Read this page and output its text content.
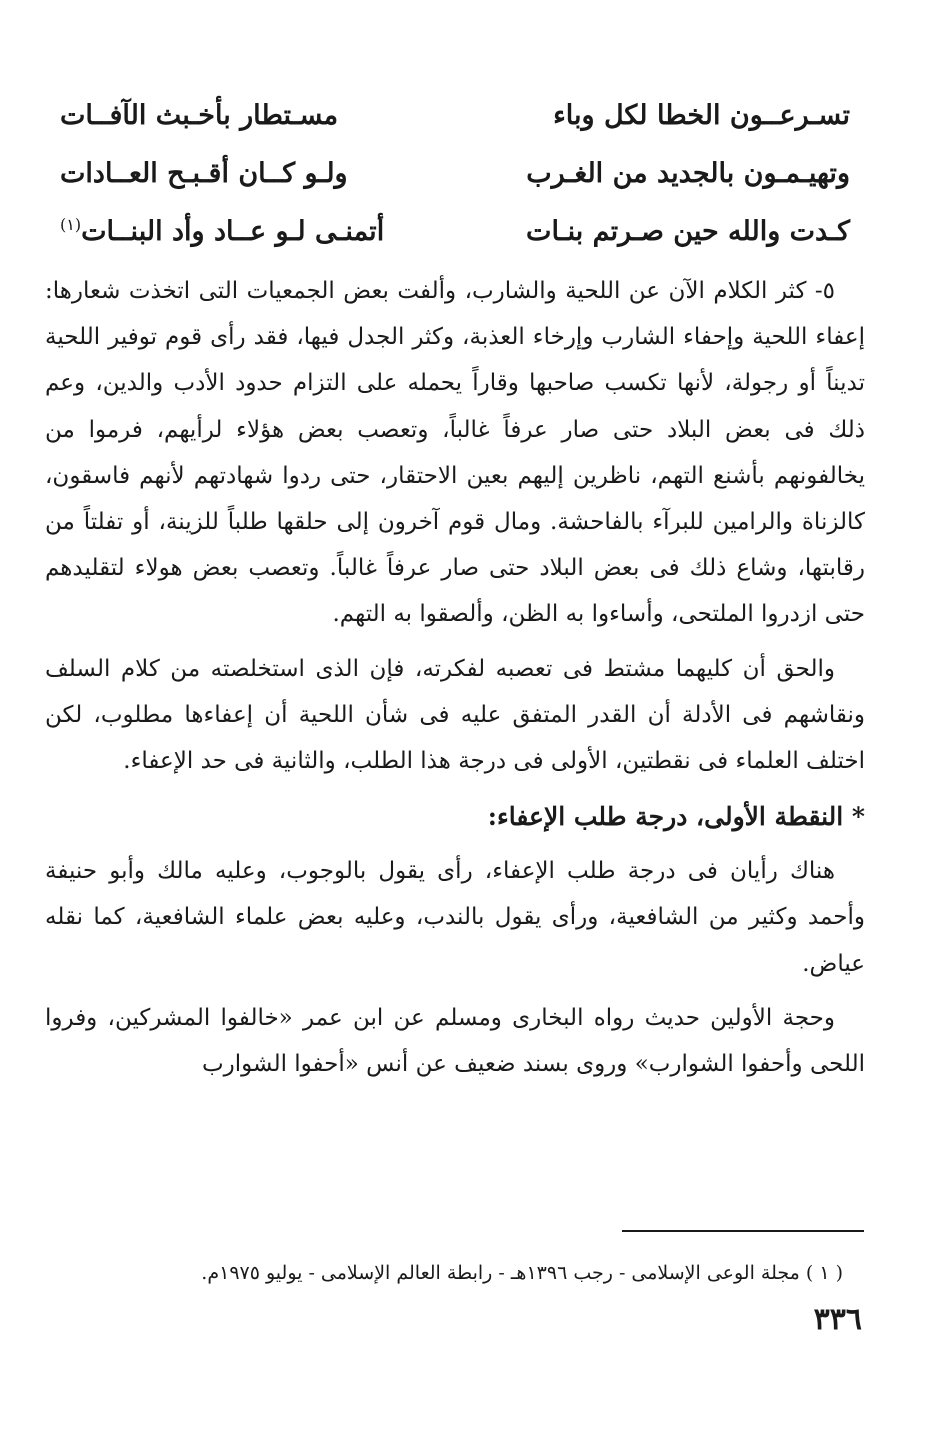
تسـرعــون الخطا لكل وباء
مسـتطار بأخـبث الآفــات
وتهيـمـون بالجديد من الغـرب
ولـو كــان أقـبـح العــادات
كـدت والله حين صـرتم بنـات
أتمنـى لـو عــاد وأد البنــات$^{(١)}$

٥- كثر الكلام الآن عن اللحية والشارب، وألفت بعض الجمعيات التى اتخذت شعارها: إعفاء اللحية وإحفاء الشارب وإرخاء العذبة، وكثر الجدل فيها، فقد رأى قوم توفير اللحية تديناً أو رجولة، لأنها تكسب صاحبها وقاراً يحمله على التزام حدود الأدب والدين، وعم ذلك فى بعض البلاد حتى صار عرفاً غالباً، وتعصب بعض هؤلاء لرأيهم، فرموا من يخالفونهم بأشنع التهم، ناظرين إليهم بعين الاحتقار، حتى ردوا شهادتهم لأنهم فاسقون، كالزناة والرامين للبرآء بالفاحشة. ومال قوم آخرون إلى حلقها طلباً للزينة، أو تفلتاً من رقابتها، وشاع ذلك فى بعض البلاد حتى صار عرفاً غالباً. وتعصب بعض هولاء لتقليدهم حتى ازدروا الملتحى، وأساءوا به الظن، وألصقوا به التهم.

والحق أن كليهما مشتط فى تعصبه لفكرته، فإن الذى استخلصته من كلام السلف ونقاشهم فى الأدلة أن القدر المتفق عليه فى شأن اللحية أن إعفاءها مطلوب، لكن اختلف العلماء فى نقطتين، الأولى فى درجة هذا الطلب، والثانية فى حد الإعفاء.

* النقطة الأولى، درجة طلب الإعفاء:

هناك رأيان فى درجة طلب الإعفاء، رأى يقول بالوجوب، وعليه مالك وأبو حنيفة وأحمد وكثير من الشافعية، ورأى يقول بالندب، وعليه بعض علماء الشافعية، كما نقله عياض.

وحجة الأولين حديث رواه البخارى ومسلم عن ابن عمر «خالفوا المشركين، وفروا اللحى وأحفوا الشوارب» وروى بسند ضعيف عن أنس «أحفوا الشوارب

( ١ ) مجلة الوعى الإسلامى - رجب ١٣٩٦هـ - رابطة العالم الإسلامى - يوليو ١٩٧٥م.
٣٣٦
